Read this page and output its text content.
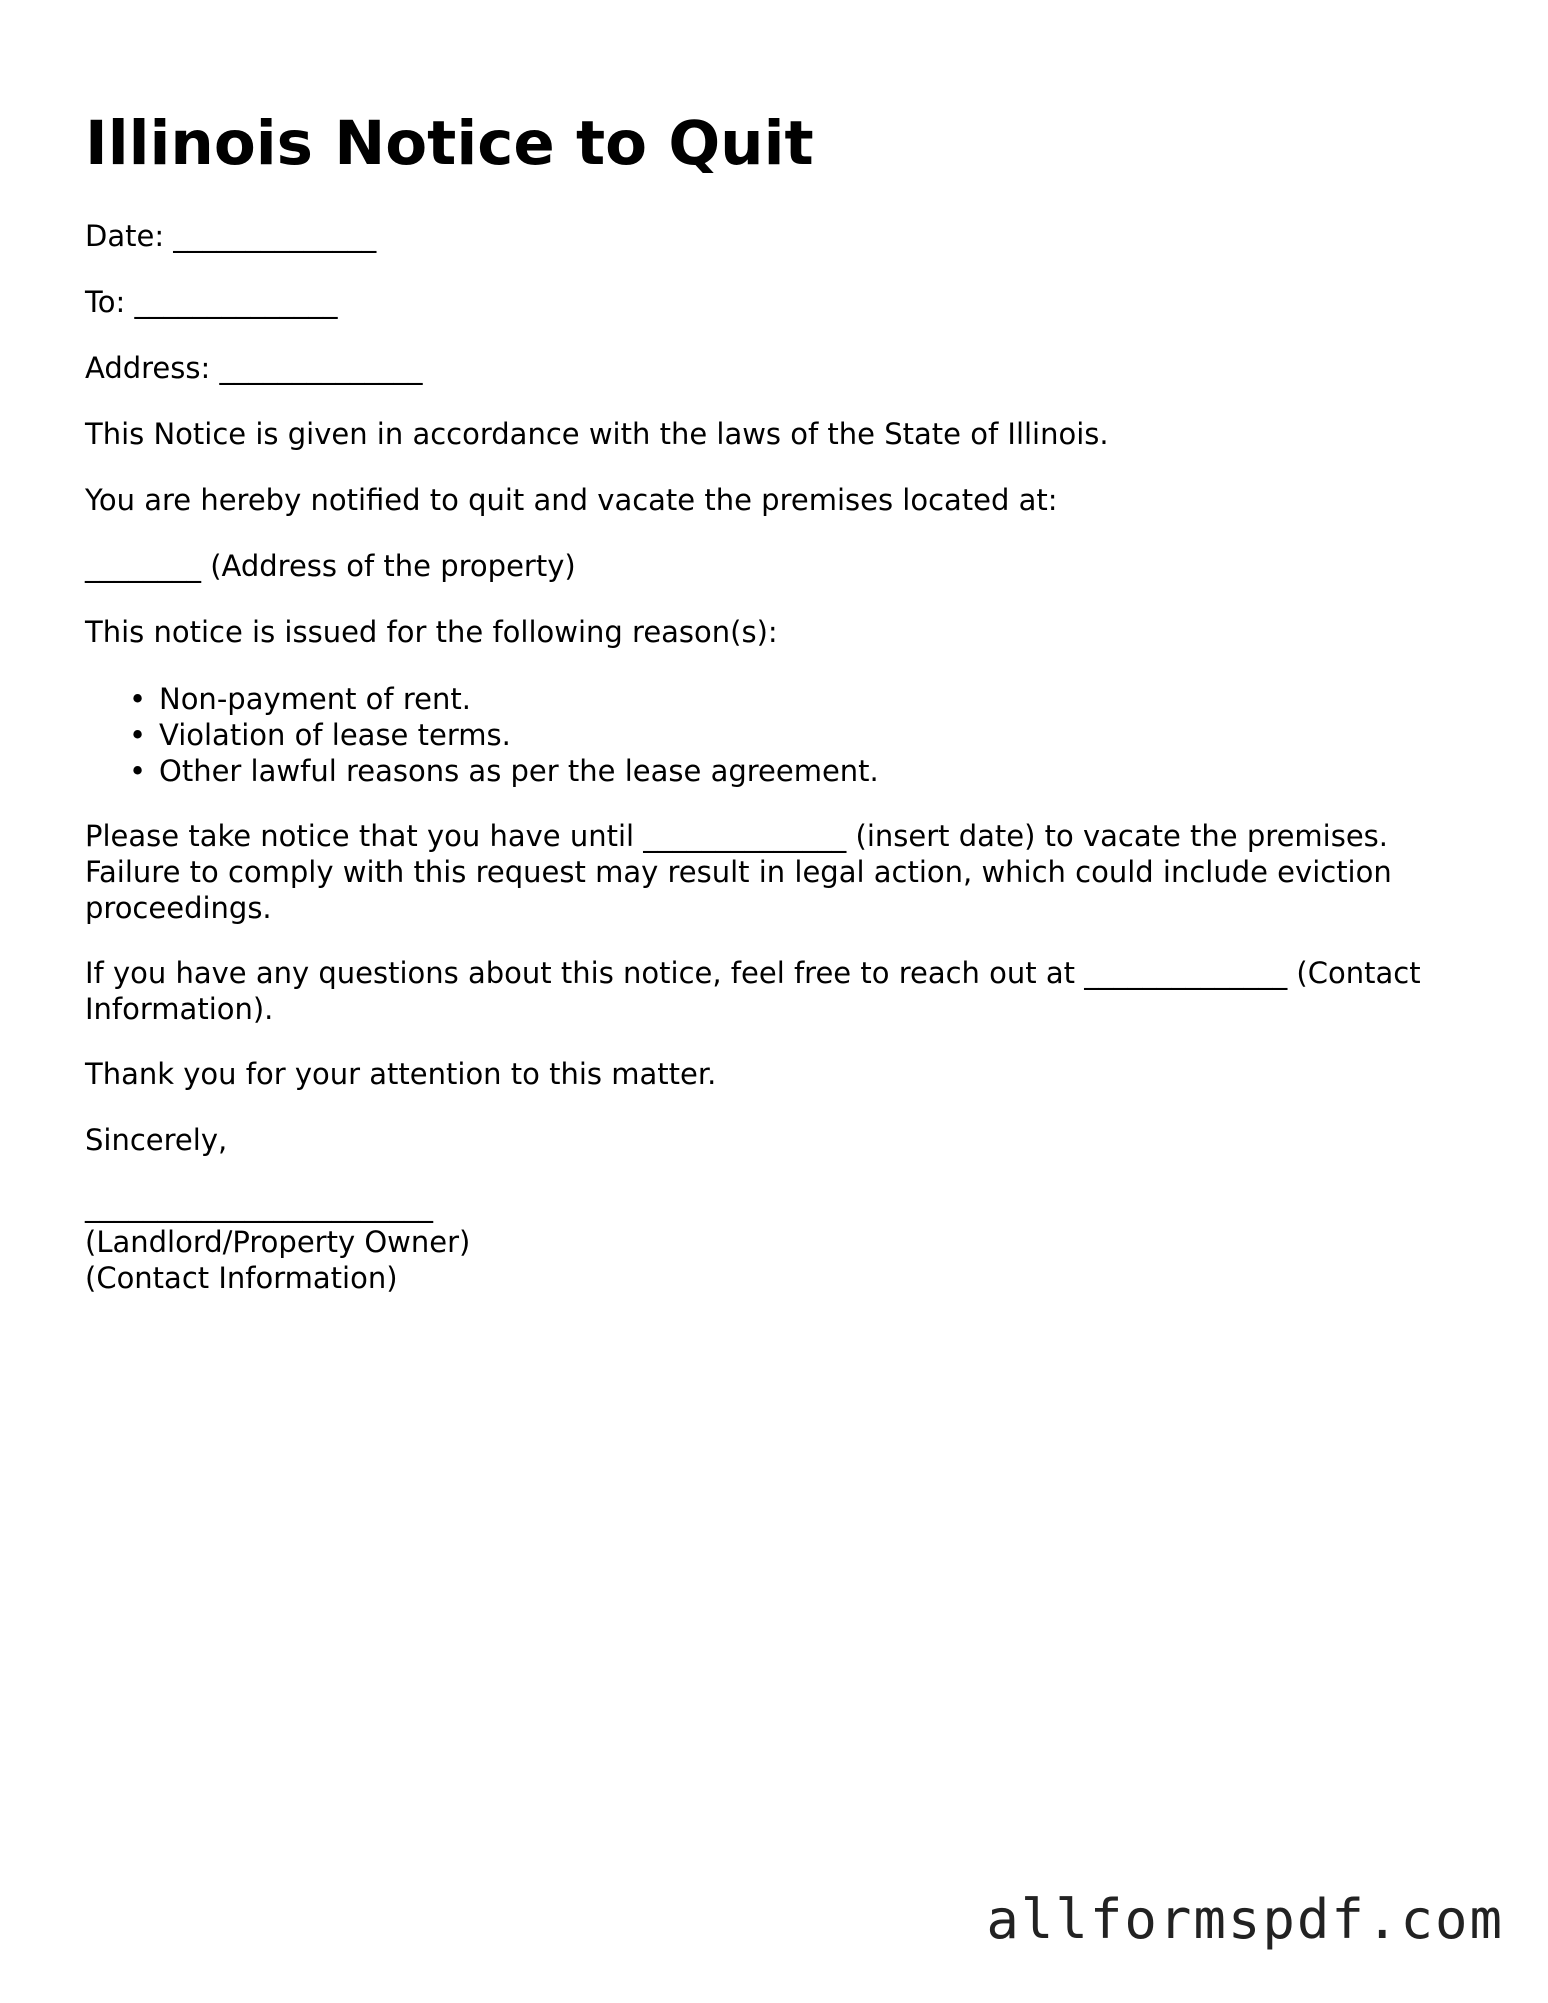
Illinois Notice to Quit

Date: ______________

To: ______________

Address: ______________

This Notice is given in accordance with the laws of the State of Illinois.

You are hereby notified to quit and vacate the premises located at:

________ (Address of the property)

This notice is issued for the following reason(s):

• Non-payment of rent.
• Violation of lease terms.
• Other lawful reasons as per the lease agreement.

Please take notice that you have until ______________ (insert date) to vacate the premises. Failure to comply with this request may result in legal action, which could include eviction proceedings.

If you have any questions about this notice, feel free to reach out at ______________ (Contact Information).

Thank you for your attention to this matter.

Sincerely,

________________________
(Landlord/Property Owner)
(Contact Information)
allformspdf.com
